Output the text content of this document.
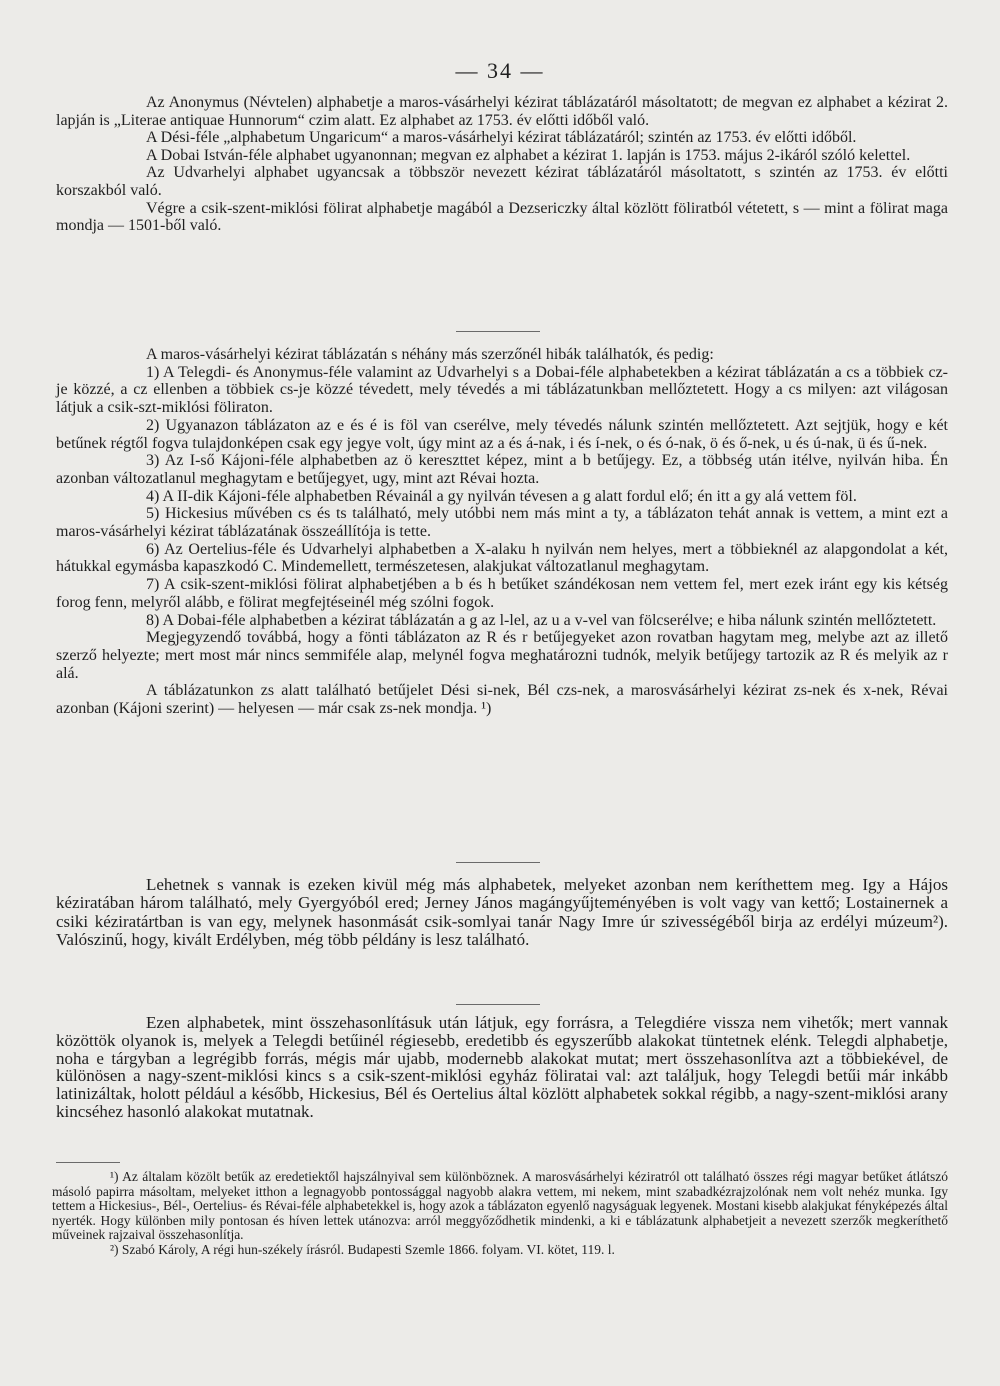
— 34 —

Az Anonymus (Névtelen) alphabetje a maros-vásárhelyi kézirat táblázatáról másoltatott; de megvan ez alphabet a kézirat 2. lapján is „Literae antiquae Hunnorum“ czim alatt. Ez alphabet az 1753. év előtti időből való.

A Dési-féle „alphabetum Ungaricum“ a maros-vásárhelyi kézirat táblázatáról; szintén az 1753. év előtti időből.

A Dobai István-féle alphabet ugyanonnan; megvan ez alphabet a kézirat 1. lapján is 1753. május 2-ikáról szóló kelettel.

Az Udvarhelyi alphabet ugyancsak a többször nevezett kézirat táblázatáról másoltatott, s szintén az 1753. év előtti korszakból való.

Végre a csik-szent-miklósi fölirat alphabetje magából a Dezsericzky által közlött föliratból vétetett, s — mint a fölirat maga mondja — 1501-ből való.

A maros-vásárhelyi kézirat táblázatán s néhány más szerzőnél hibák találhatók, és pedig:

1) A Telegdi- és Anonymus-féle valamint az Udvarhelyi s a Dobai-féle alphabetekben a kézirat táblázatán a cs a többiek cz-je közzé, a cz ellenben a többiek cs-je közzé tévedett, mely tévedés a mi táblázatunkban mellőztetett. Hogy a cs milyen: azt világosan látjuk a csik-szt-miklósi föliraton.

2) Ugyanazon táblázaton az e és é is föl van cserélve, mely tévedés nálunk szintén mellőztetett. Azt sejtjük, hogy e két betűnek régtől fogva tulajdonképen csak egy jegye volt, úgy mint az a és á-nak, i és í-nek, o és ó-nak, ö és ő-nek, u és ú-nak, ü és ű-nek.

3) Az I-ső Kájoni-féle alphabetben az ö kereszttet képez, mint a b betűjegy. Ez, a többség után itélve, nyilván hiba. Én azonban változatlanul meghagytam e betűjegyet, ugy, mint azt Révai hozta.

4) A II-dik Kájoni-féle alphabetben Révainál a gy nyilván tévesen a g alatt fordul elő; én itt a gy alá vettem föl.

5) Hickesius művében cs és ts található, mely utóbbi nem más mint a ty, a táblázaton tehát annak is vettem, a mint ezt a maros-vásárhelyi kézirat táblázatának összeállítója is tette.

6) Az Oertelius-féle és Udvarhelyi alphabetben a X-alaku h nyilván nem helyes, mert a többieknél az alapgondolat a két, hátukkal egymásba kapaszkodó C. Mindemellett, természetesen, alakjukat változatlanul meghagytam.

7) A csik-szent-miklósi fölirat alphabetjében a b és h betűket szándékosan nem vettem fel, mert ezek iránt egy kis kétség forog fenn, melyről alább, e fölirat megfejtéseinél még szólni fogok.

8) A Dobai-féle alphabetben a kézirat táblázatán a g az l-lel, az u a v-vel van fölcserélve; e hiba nálunk szintén mellőztetett.

Megjegyzendő továbbá, hogy a fönti táblázaton az R és r betűjegyeket azon rovatban hagytam meg, melybe azt az illető szerző helyezte; mert most már nincs semmiféle alap, melynél fogva meghatározni tudnók, melyik betűjegy tartozik az R és melyik az r alá.

A táblázatunkon zs alatt található betűjelet Dési si-nek, Bél czs-nek, a marosvásárhelyi kézirat zs-nek és x-nek, Révai azonban (Kájoni szerint) — helyesen — már csak zs-nek mondja. ¹)

Lehetnek s vannak is ezeken kivül még más alphabetek, melyeket azonban nem keríthettem meg. Igy a Hájos kéziratában három található, mely Gyergyóból ered; Jerney János magángyűjteményében is volt vagy van kettő; Lostainernek a csiki kéziratártban is van egy, melynek hasonmását csik-somlyai tanár Nagy Imre úr szivességéből birja az erdélyi múzeum²). Valószinű, hogy, kivált Erdélyben, még több példány is lesz található.

Ezen alphabetek, mint összehasonlításuk után látjuk, egy forrásra, a Telegdiére vissza nem vihetők; mert vannak közöttök olyanok is, melyek a Telegdi betűinél régiesebb, eredetibb és egyszerűbb alakokat tüntetnek elénk. Telegdi alphabetje, noha e tárgyban a legrégibb forrás, mégis már ujabb, modernebb alakokat mutat; mert összehasonlítva azt a többiekével, de különösen a nagy-szent-miklósi kincs s a csik-szent-miklósi egyház föliratai val: azt találjuk, hogy Telegdi betűi már inkább latinizáltak, holott például a később, Hickesius, Bél és Oertelius által közlött alphabetek sokkal régibb, a nagy-szent-miklósi arany kincséhez hasonló alakokat mutatnak.

¹) Az általam közölt betűk az eredetiektől hajszálnyival sem különböznek. A marosvásárhelyi kéziratról ott található összes régi magyar betűket átlátszó másoló papirra másoltam, melyeket itthon a legnagyobb pontossággal nagyobb alakra vettem, mi nekem, mint szabadkézrajzolónak nem volt nehéz munka. Igy tettem a Hickesius-, Bél-, Oertelius- és Révai-féle alphabetekkel is, hogy azok a táblázaton egyenlő nagyságuak legyenek. Mostani kisebb alakjukat fényképezés által nyerték. Hogy különben mily pontosan és híven lettek utánozva: arról meggyőződhetik mindenki, a ki e táblázatunk alphabetjeit a nevezett szerzők megkeríthető műveinek rajzaival összehasonlítja.

²) Szabó Károly, A régi hun-székely írásról. Budapesti Szemle 1866. folyam. VI. kötet, 119. l.
